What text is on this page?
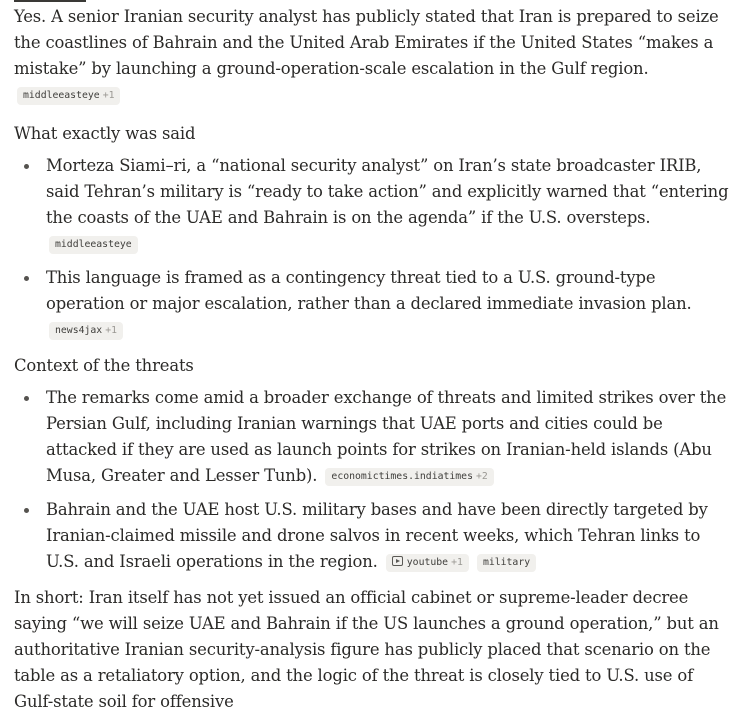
Yes. A senior Iranian security analyst has publicly stated that Iran is prepared to seize the coastlines of Bahrain and the United Arab Emirates if the United States “makes a mistake” by launching a ground-operation-scale escalation in the Gulf region. middleeasteye +1

What exactly was said
Morteza Siami–ri, a “national security analyst” on Iran’s state broadcaster IRIB, said Tehran’s military is “ready to take action” and explicitly warned that “entering the coasts of the UAE and Bahrain is on the agenda” if the U.S. oversteps. middleeasteye
This language is framed as a contingency threat tied to a U.S. ground-type operation or major escalation, rather than a declared immediate invasion plan. news4jax +1
Context of the threats
The remarks come amid a broader exchange of threats and limited strikes over the Persian Gulf, including Iranian warnings that UAE ports and cities could be attacked if they are used as launch points for strikes on Iranian-held islands (Abu Musa, Greater and Lesser Tunb). economictimes.indiatimes +2
Bahrain and the UAE host U.S. military bases and have been directly targeted by Iranian-claimed missile and drone salvos in recent weeks, which Tehran links to U.S. and Israeli operations in the region.	youtube +1 military

In short: Iran itself has not yet issued an official cabinet or supreme-leader decree saying “we will seize UAE and Bahrain if the US launches a ground operation,” but an authoritative Iranian security-analysis figure has publicly placed that scenario on the table as a retaliatory option, and the logic of the threat is closely tied to U.S. use of Gulf-state soil for offensive
